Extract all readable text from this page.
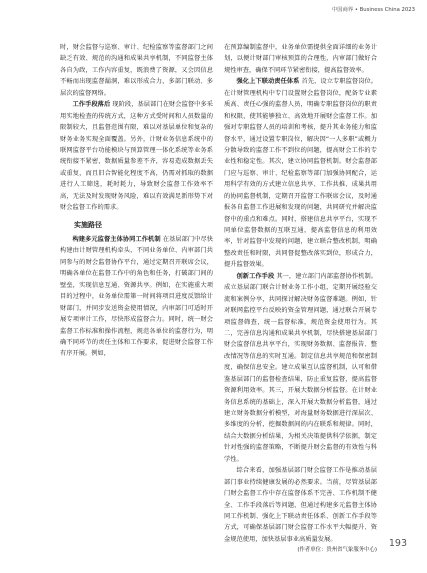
中国商界 • Business China 2023

时，财会监督与巡察、审计、纪检监察等监督部门之间缺乏有效、规范的沟通和成果共享机制，不同监督主体各自为政，工作内容重复，既浪费了资源，又会因信息不畅而出现监督漏洞，难以形成合力，多部门联动、多层次的监督网络。

工作手段落后 现阶段，基层部门在财会监督中多采用实地检查的传统方式，这种方式受时间和人员数量的限制较大，且监督范围有限，难以对基层单位和复杂的财务业务实现全面覆盖。另外，计财业务信息系统中的联网监督平台功能模块与预算管理一体化系统等业务系统衔接不紧密，数据质量参差不齐，容易造成数据丢失或重复，而且旧合智能化程度不高，仍需对抓取的数据进行人工筛选，耗时耗力，导致财会监督工作效率不高，无法及时发现财务风险，难以有效满足新形势下对财会监督工作的需求。

实施路径

构建多元监督主体协同工作机制 在基层部门中尽快构建由计财管理机构牵头，不同业务单位、内审部门共同参与的财会监督协作平台，通过定期召开联席会议，明确各单位在监督工作中的角色和任务，打破部门间的壁垒，实现信息互通、资源共享。例如，在实施重大项目的过程中，业务单位需第一时间将项目进度反馈给计财部门，并同步发送资金使用情况，内审部门可适时开展专项审计工作，尽快形成监督合力。同时，统一财会监督工作标准和操作流程，规范各单位的监督行为，明确不同环节的责任主体和工作要求，促进财会监督工作有序开展。例如，

在预算编制监督中，业务单位需提供全面详细的业务计划，以便计财部门审核预算的合理性，内审部门做好合规性审查，确保不同环节紧密衔接，提高监督效率。

强化上下联动责任体系 首先，设立专职监督岗位。在计财管理机构中专门设置财会监督岗位，配备专业素质高、责任心强的监督人员，明确专职监督岗位的职责和权限，使其能够独立、高效地开展财会监督工作。加强对专职监督人员的培训和考核，提升其业务能力和监督水平，通过设置专职岗位，解决因“一人多职”或概力分散导致的监督工作不到位的问题，提高财会工作的专业性和稳定性。其次，建立协同监督机制。财会监督部门应与巡察、审计、纪检监察等部门加强协同配合，运用科学有效的方式建立信息共享、工作共推、成果共用的协同监督机制，定期召开监督工作联席会议，及时通报各自监督工作进展和发现的问题，共同研究并解决监督中的重点和难点。同时，搭建信息共享平台，实现不同单位监督数据的互联互通，提高监督信息的利用效率，针对监督中发现的问题，建立联合整改机制，明确整改责任和时限，共同督促整改落实到位，形成合力，提升监督效果。

创新工作手段 其一，建立部门内部监督协作机制。成立基层部门联合计财业务工作小组，定期开展经验交流和案例分享，共同探讨解决财务监督难题。例如，针对联网监控平台反映的资金管理问题，通过联合开展专项监督筛查，统一监督标准，规范资金使用行为。其二，完善信息沟通和成果共享机制，尽快搭建基层部门财会监督信息共享平台，实现财务数据、监督报告、整改情况等信息的实时互通。制定信息共享规范和保密制度，确保信息安全。建立成果互认监督机制，认可和借鉴基层部门的监督检查结果，防止重复监督，提高监督资源利用效率。其三，开展大数据分析监督。在计财业务信息系统的基础上，深入开展大数据分析监督，通过建立财务数据分析模型，对海量财务数据进行深层次、多维度的分析，挖掘数据间的内在联系和规律。同时，结合大数据分析结果，为相关决策提供科学依据，制定针对性强的监督策略，不断提升财会监督的有效性与科学性。

综合来看，加强基层部门财会监督工作是推动基层部门事业持续健康发展的必然要求。当前，尽管基层部门财会监督工作中存在监督体系不完善、工作机制不健全、工作手段落后等问题，但通过构建多元监督主体协同工作机制、强化上下联动责任体系、创新工作手段等方式，可确保基层部门财会监督工作水平大幅提升、资金规范使用，加快基层事业高质量发展。

(作者单位：贵州省气象服务中心)
193
